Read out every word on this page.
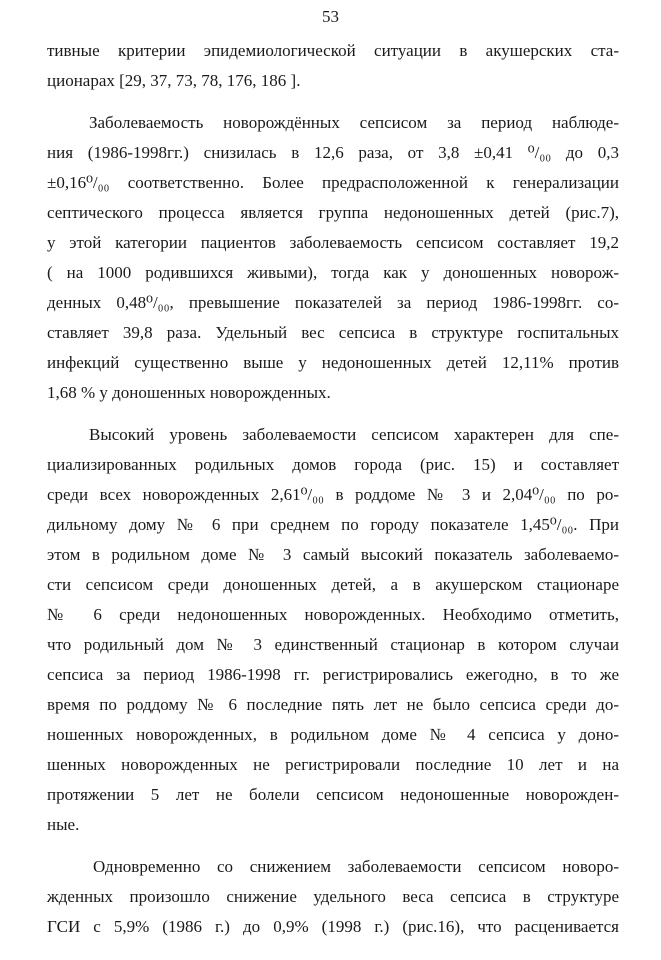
53
тивные критерии эпидемиологической ситуации в акушерских ста-
ционарах [29, 37, 73, 78, 176, 186 ].
Заболеваемость новорождённых сепсисом за период наблюде-
ния (1986-1998гг.) снизилась в 12,6 раза, от 3,8 ±0,41 ⁰/₀₀ до 0,3
±0,16⁰/₀₀ соответственно. Более предрасположенной к генерализации
септического процесса является группа недоношенных детей (рис.7),
у этой категории пациентов заболеваемость сепсисом составляет 19,2
( на 1000 родившихся живыми), тогда как у доношенных новорож-
денных 0,48⁰/₀₀, превышение показателей за период 1986-1998гг. со-
ставляет 39,8 раза. Удельный вес сепсиса в структуре госпитальных
инфекций существенно выше у недоношенных детей 12,11% против
1,68 % у доношенных новорожденных.
Высокий уровень заболеваемости сепсисом характерен для спе-
циализированных родильных домов города (рис. 15) и составляет
среди всех новорожденных 2,61⁰/₀₀ в роддоме № 3 и 2,04⁰/₀₀ по ро-
дильному дому № 6 при среднем по городу показателе 1,45⁰/₀₀. При
этом в родильном доме № 3 самый высокий показатель заболеваемо-
сти сепсисом среди доношенных детей, а в акушерском стационаре
№ 6 среди недоношенных новорожденных. Необходимо отметить,
что родильный дом № 3 единственный стационар в котором случаи
сепсиса за период 1986-1998 гг. регистрировались ежегодно, в то же
время по роддому № 6 последние пять лет не было сепсиса среди до-
ношенных новорожденных, в родильном доме № 4 сепсиса у доно-
шенных новорожденных не регистрировали последние 10 лет и на
протяжении 5 лет не болели сепсисом недоношенные новорожден-
ные.
Одновременно со снижением заболеваемости сепсисом новоро-
жденных произошло снижение удельного веса сепсиса в структуре
ГСИ с 5,9% (1986 г.) до 0,9% (1998 г.) (рис.16), что расценивается
